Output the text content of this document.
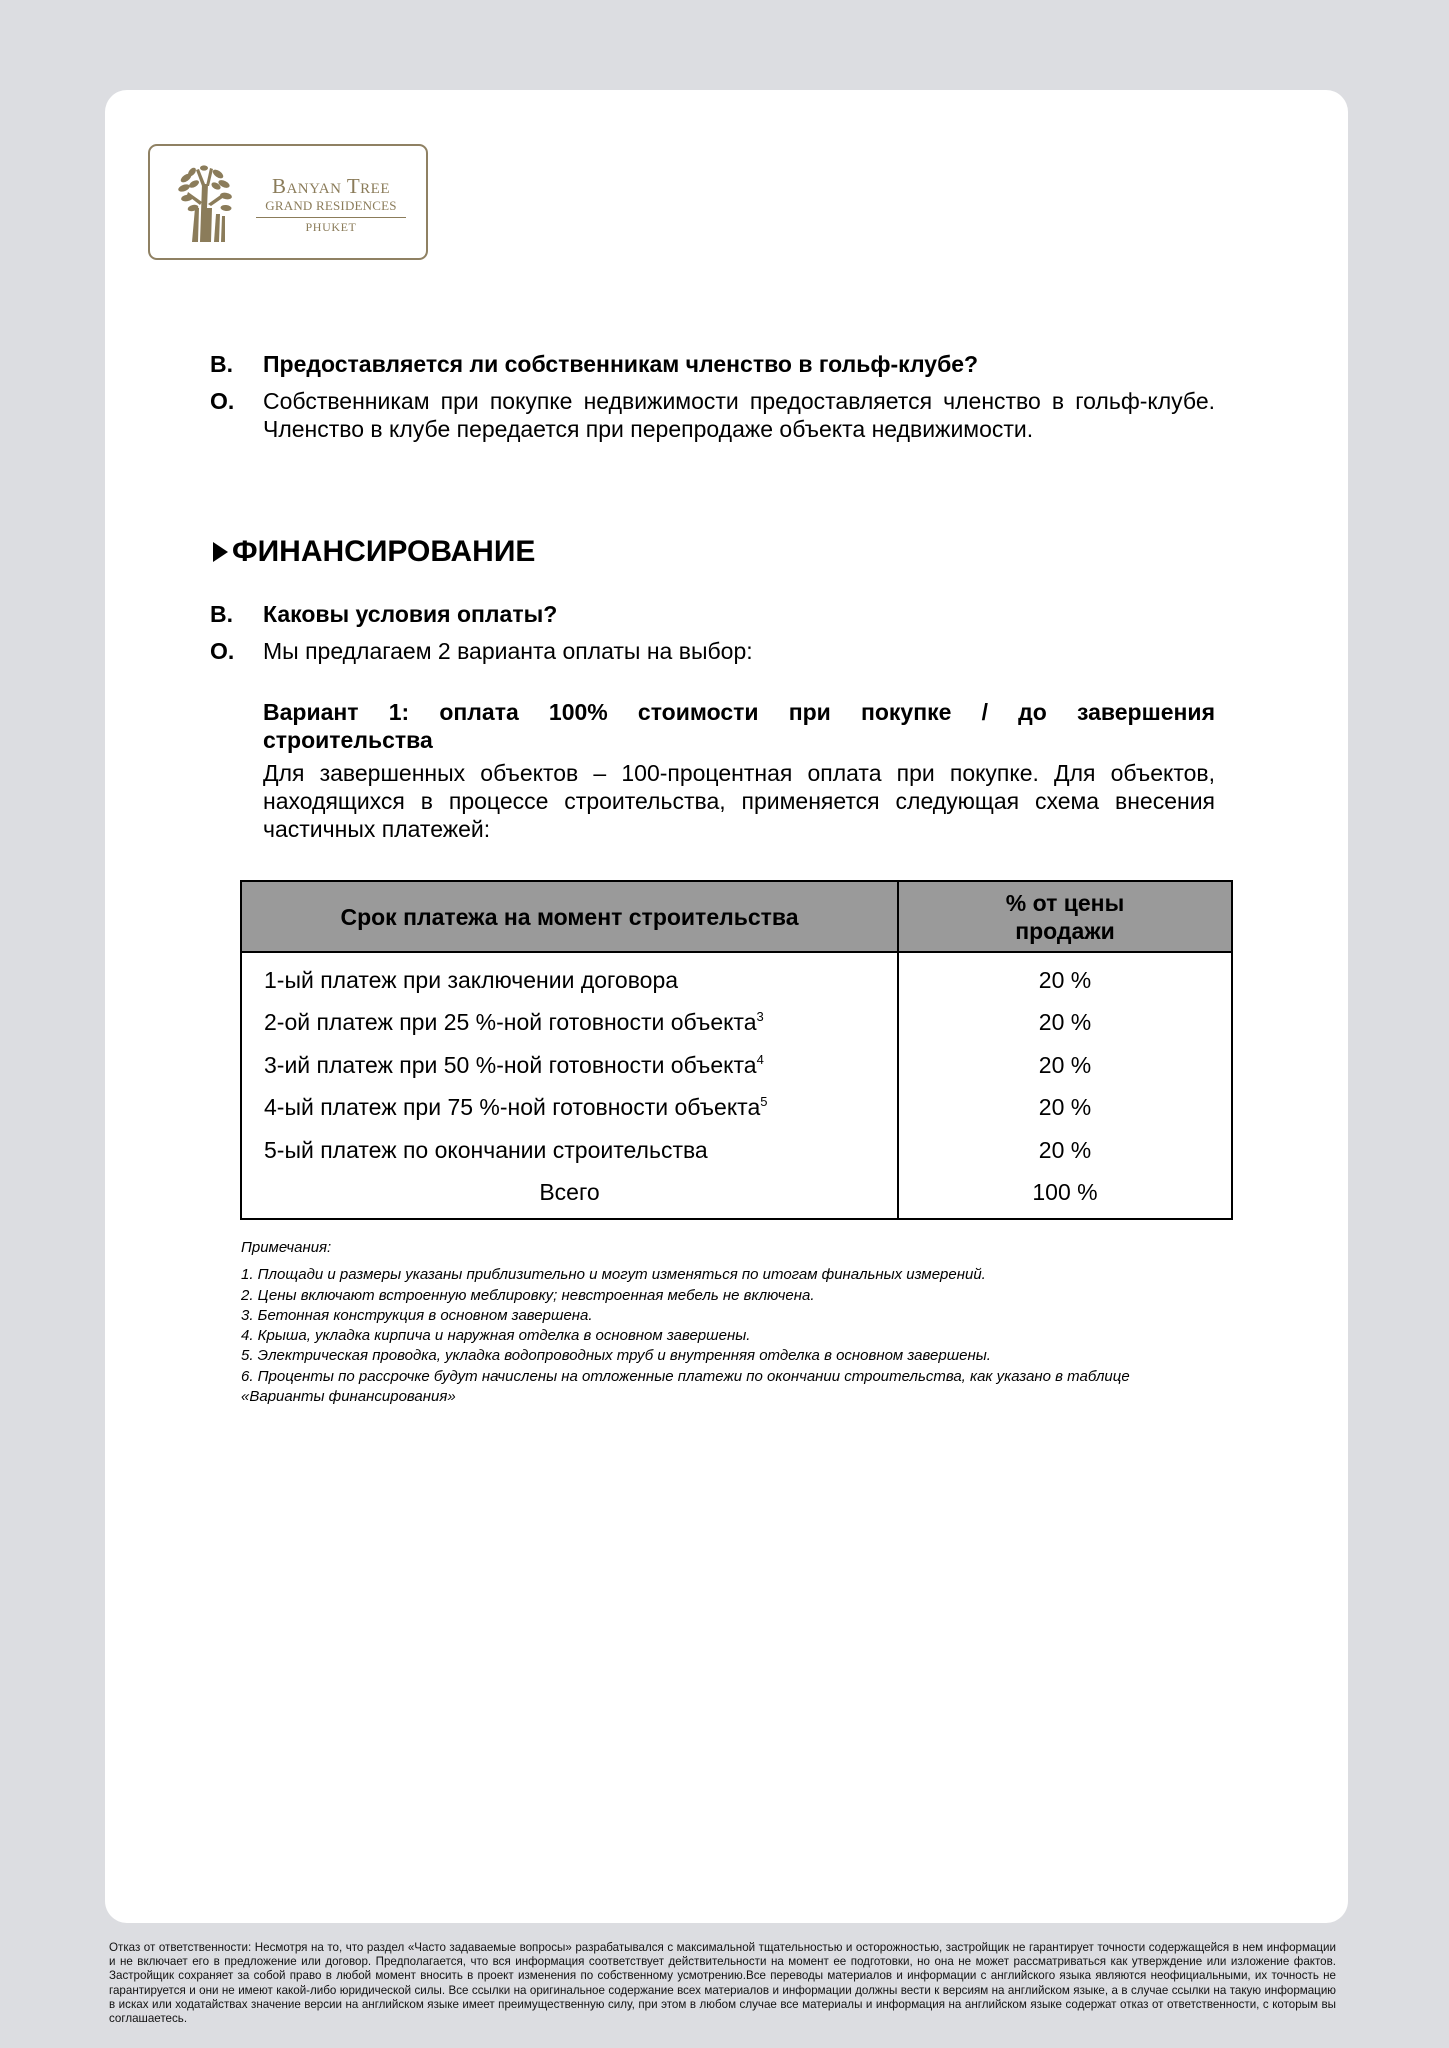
Banyan Tree
GRAND RESIDENCES
PHUKET
В.	Предоставляется ли собственникам членство в гольф-клубе?
О.	Собственникам при покупке недвижимости предоставляется членство в гольф-клубе. Членство в клубе передается при перепродаже объекта недвижимости.
ФИНАНСИРОВАНИЕ
В.	Каковы условия оплаты?
О.	Мы предлагаем 2 варианта оплаты на выбор:
Вариант 1: оплата 100% стоимости при покупке / до завершения строительства
Для завершенных объектов – 100-процентная оплата при покупке. Для объектов, находящихся в процессе строительства, применяется следующая схема внесения частичных платежей:
Срок платежа на момент строительства	% от цены продажи
1-ый платеж при заключении договора	20 %
2-ой платеж при 25 %-ной готовности объекта$^3$	20 %
3-ий платеж при 50 %-ной готовности объекта$^4$	20 %
4-ый платеж при 75 %-ной готовности объекта$^5$	20 %
5-ый платеж по окончании строительства	20 %
Всего	100 %
Примечания:
1. Площади и размеры указаны приблизительно и могут изменяться по итогам финальных измерений.
2. Цены включают встроенную меблировку; невстроенная мебель не включена.
3. Бетонная конструкция в основном завершена.
4. Крыша, укладка кирпича и наружная отделка в основном завершены.
5. Электрическая проводка, укладка водопроводных труб и внутренняя отделка в основном завершены.
6. Проценты по рассрочке будут начислены на отложенные платежи по окончании строительства, как указано в таблице «Варианты финансирования»
Отказ от ответственности: Несмотря на то, что раздел «Часто задаваемые вопросы» разрабатывался с максимальной тщательностью и осторожностью, застройщик не гарантирует точности содержащейся в нем информации и не включает его в предложение или договор. Предполагается, что вся информация соответствует действительности на момент ее подготовки, но она не может рассматриваться как утверждение или изложение фактов. Застройщик сохраняет за собой право в любой момент вносить в проект изменения по собственному усмотрению.Все переводы материалов и информации с английского языка являются неофициальными, их точность не гарантируется и они не имеют какой-либо юридической силы. Все ссылки на оригинальное содержание всех материалов и информации должны вести к версиям на английском языке, а в случае ссылки на такую информацию в исках или ходатайствах значение версии на английском языке имеет преимущественную силу, при этом в любом случае все материалы и информация на английском языке содержат отказ от ответственности, с которым вы соглашаетесь.
